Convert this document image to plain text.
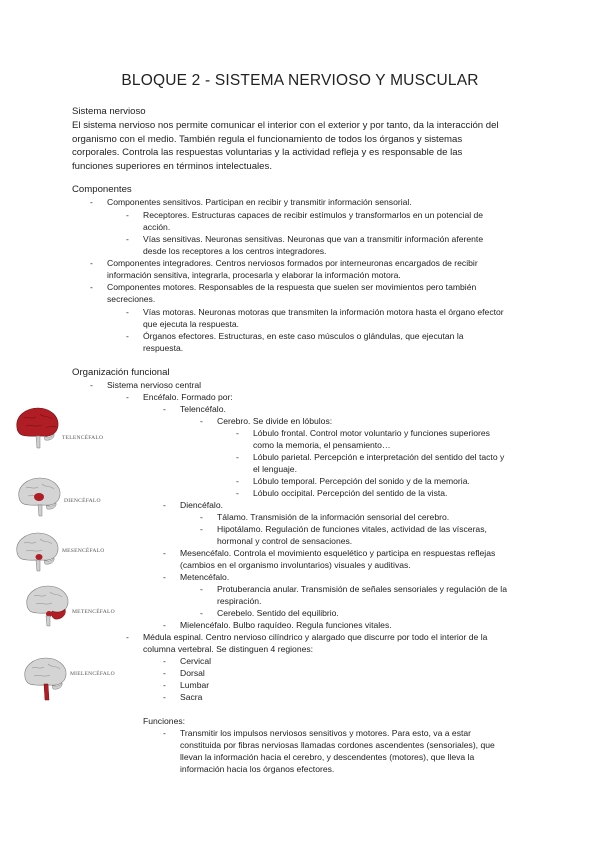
BLOQUE 2 - SISTEMA NERVIOSO Y MUSCULAR
Sistema nervioso
El sistema nervioso nos permite comunicar el interior con el exterior y por tanto, da la interacción del
organismo con el medio. También regula el funcionamiento de todos los órganos y sistemas
corporales. Controla las respuestas voluntarias y la actividad refleja y es responsable de las
funciones superiores en términos intelectuales.
Componentes
- Componentes sensitivos. Participan en recibir y transmitir información sensorial.
- Receptores. Estructuras capaces de recibir estímulos y transformarlos en un potencial de
acción.
- Vías sensitivas. Neuronas sensitivas. Neuronas que van a transmitir información aferente
desde los receptores a los centros integradores.
- Componentes integradores. Centros nerviosos formados por interneuronas encargados de recibir
información sensitiva, integrarla, procesarla y elaborar la información motora.
- Componentes motores. Responsables de la respuesta que suelen ser movimientos pero también
secreciones.
- Vías motoras. Neuronas motoras que transmiten la información motora hasta el órgano efector
que ejecuta la respuesta.
- Órganos efectores. Estructuras, en este caso músculos o glándulas, que ejecutan la
respuesta.
Organización funcional
- Sistema nervioso central
- Encéfalo. Formado por:
- Telencéfalo.
- Cerebro. Se divide en lóbulos:
- Lóbulo frontal. Control motor voluntario y funciones superiores
como la memoria, el pensamiento…
- Lóbulo parietal. Percepción e interpretación del sentido del tacto y
el lenguaje.
- Lóbulo temporal. Percepción del sonido y de la memoria.
- Lóbulo occipital. Percepción del sentido de la vista.
- Diencéfalo.
- Tálamo. Transmisión de la información sensorial del cerebro.
- Hipotálamo. Regulación de funciones vitales, actividad de las vísceras,
hormonal y control de sensaciones.
- Mesencéfalo. Controla el movimiento esquelético y participa en respuestas reflejas
(cambios en el organismo involuntarios) visuales y auditivas.
- Metencéfalo.
- Protuberancia anular. Transmisión de señales sensoriales y regulación de la
respiración.
- Cerebelo. Sentido del equilibrio.
- Mielencéfalo. Bulbo raquídeo. Regula funciones vitales.
- Médula espinal. Centro nervioso cilíndrico y alargado que discurre por todo el interior de la
columna vertebral. Se distinguen 4 regiones:
- Cervical
- Dorsal
- Lumbar
- Sacra
Funciones:
- Transmitir los impulsos nerviosos sensitivos y motores. Para esto, va a estar
constituida por fibras nerviosas llamadas cordones ascendentes (sensoriales), que
llevan la información hacia el cerebro, y descendentes (motores), que lleva la
información hacia los órganos efectores.
TELENCÉFALO
DIENCÉFALO
MESENCÉFALO
METENCÉFALO
MIELENCÉFALO
